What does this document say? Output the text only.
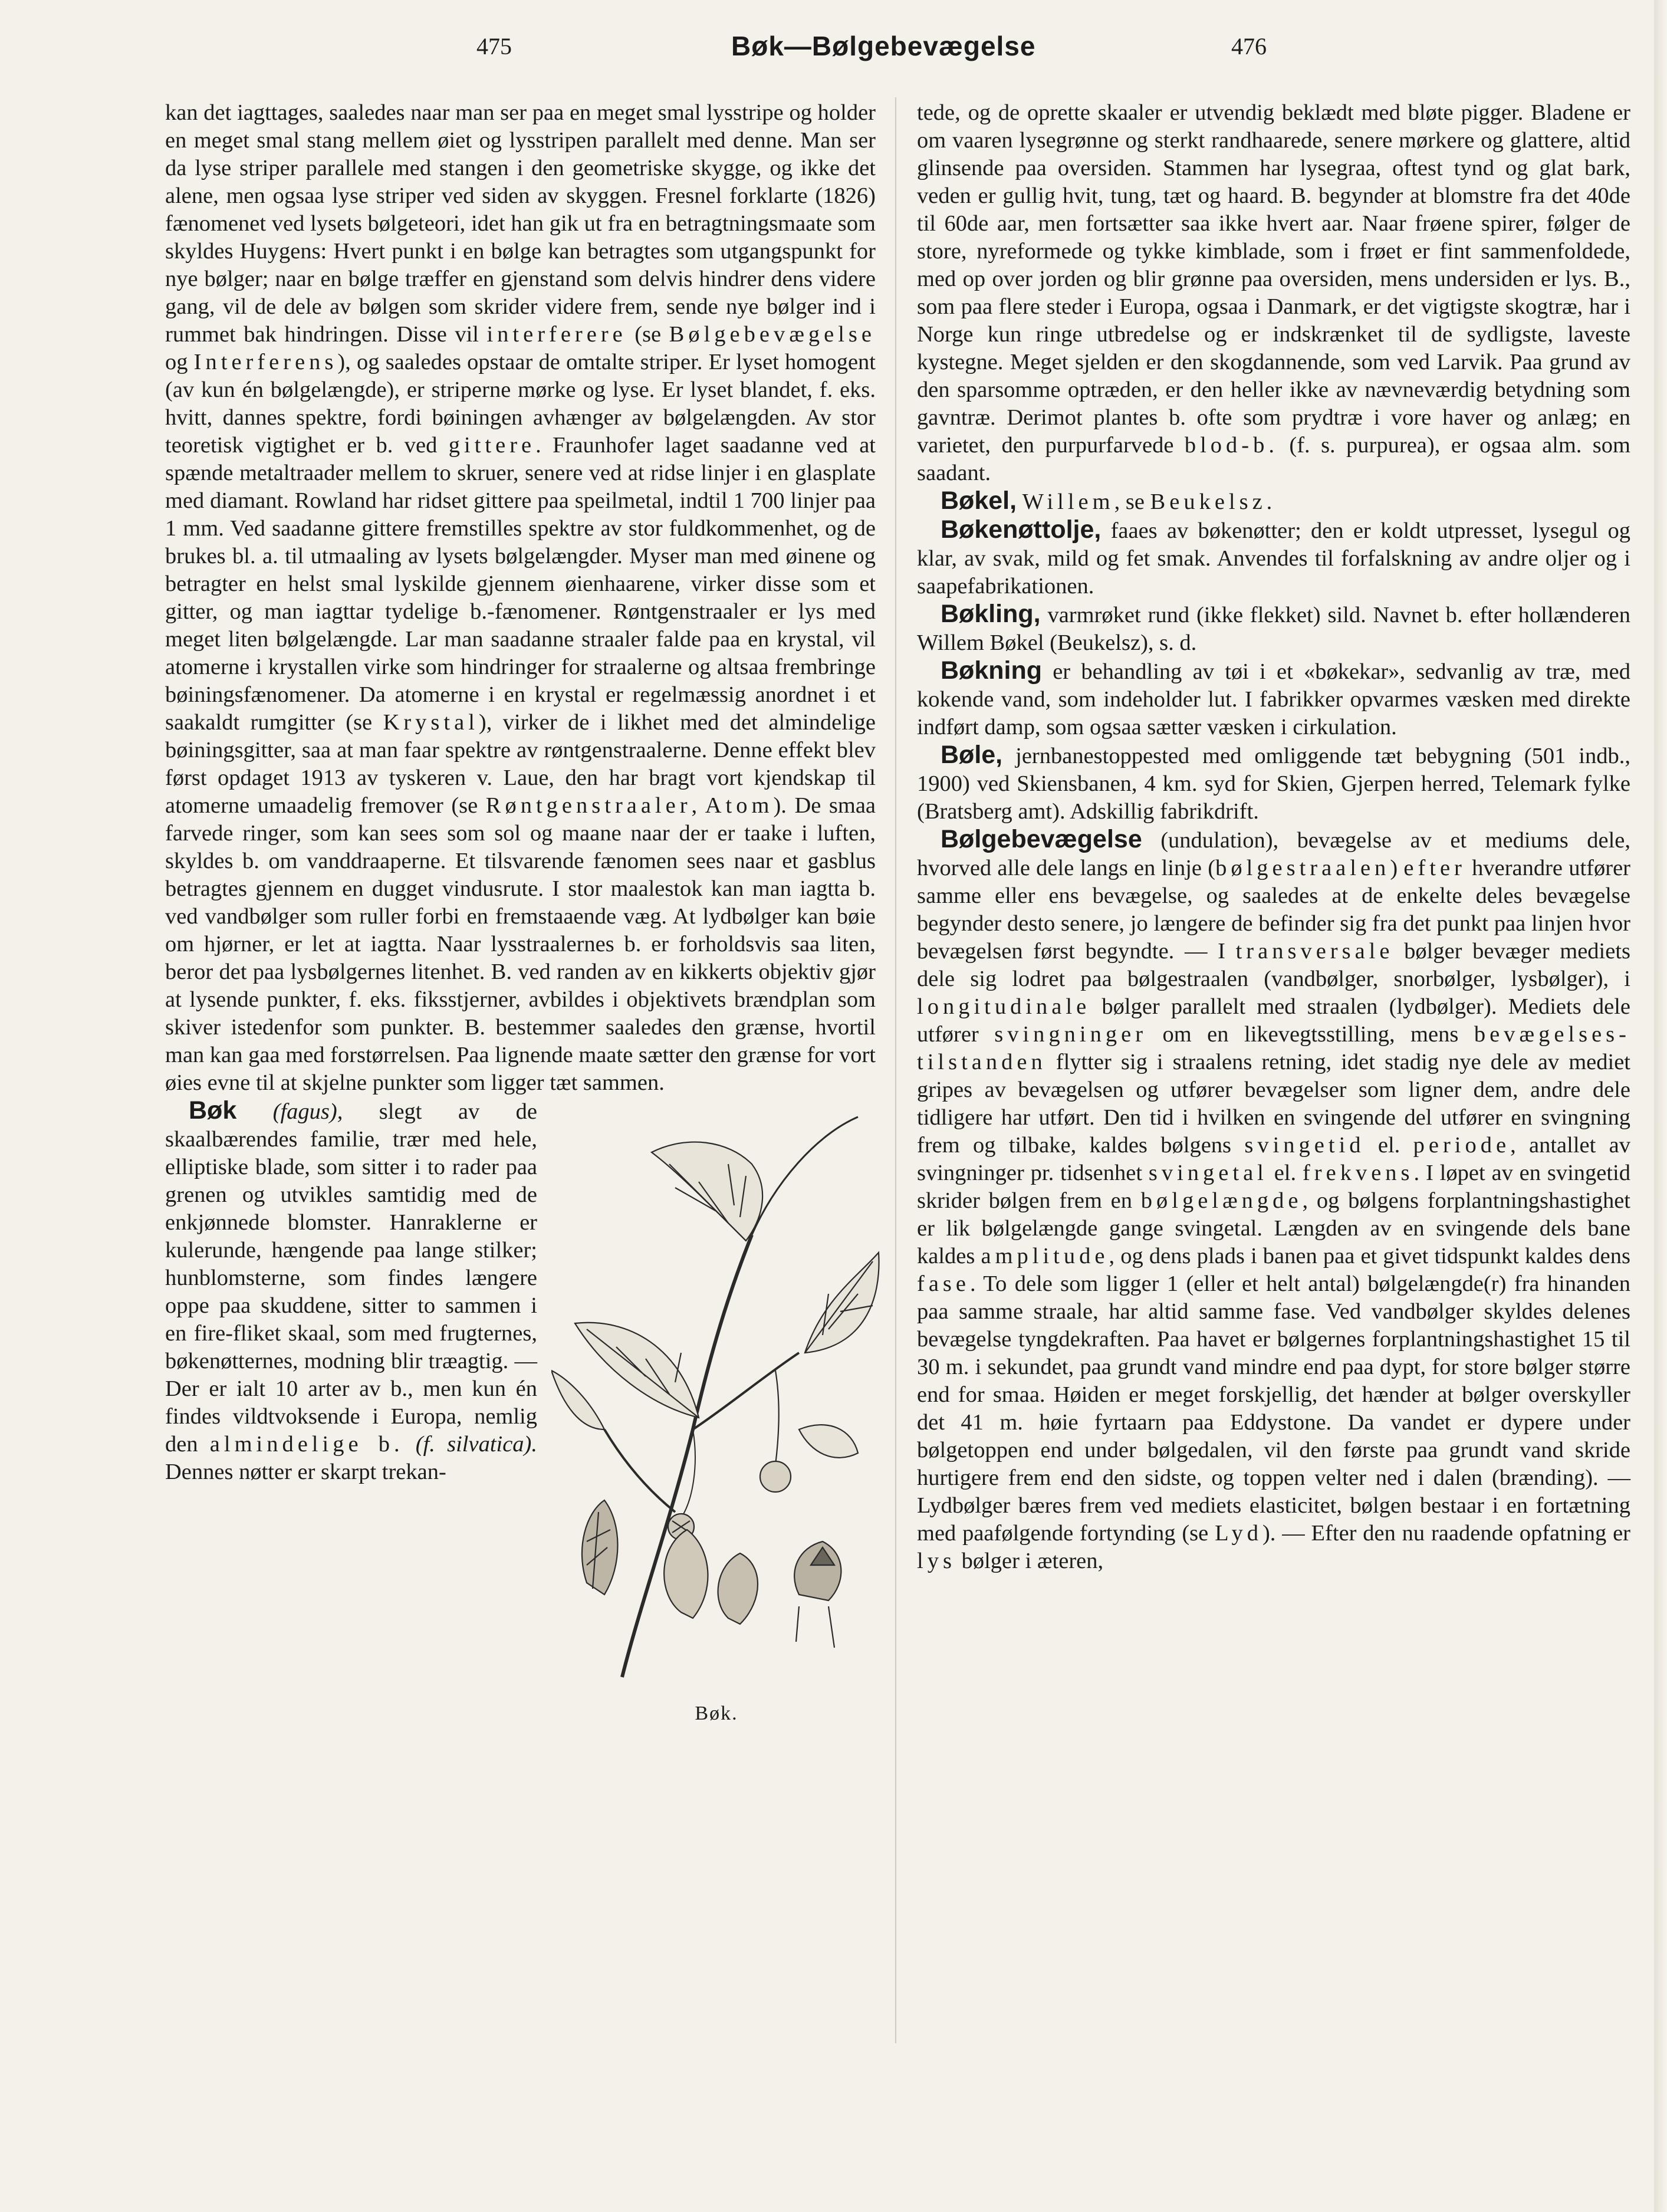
475	Bøk—Bølgebevægelse	476

kan det iagttages, saaledes naar man ser paa en meget smal lysstripe og holder en meget smal stang mellem øiet og lysstripen parallelt med denne. Man ser da lyse striper parallele med stangen i den geometriske skygge, og ikke det alene, men ogsaa lyse striper ved siden av skyggen. Fresnel forklarte (1826) fænomenet ved lysets bølgeteori, idet han gik ut fra en betragtningsmaate som skyldes Huygens: Hvert punkt i en bølge kan betragtes som utgangspunkt for nye bølger; naar en bølge træffer en gjenstand som delvis hindrer dens videre gang, vil de dele av bølgen som skrider videre frem, sende nye bølger ind i rummet bak hindringen. Disse vil interferere (se Bølgebevægelse og Interferens), og saaledes opstaar de omtalte striper. Er lyset homogent (av kun én bølgelængde), er striperne mørke og lyse. Er lyset blandet, f. eks. hvitt, dannes spektre, fordi bøiningen avhænger av bølgelængden. Av stor teoretisk vigtighet er b. ved gittere. Fraunhofer laget saadanne ved at spænde metaltraader mellem to skruer, senere ved at ridse linjer i en glasplate med diamant. Rowland har ridset gittere paa speilmetal, indtil 1 700 linjer paa 1 mm. Ved saadanne gittere fremstilles spektre av stor fuldkommenhet, og de brukes bl. a. til utmaaling av lysets bølgelængder. Myser man med øinene og betragter en helst smal lyskilde gjennem øienhaarene, virker disse som et gitter, og man iagttar tydelige b.-fænomener. Røntgenstraaler er lys med meget liten bølgelængde. Lar man saadanne straaler falde paa en krystal, vil atomerne i krystallen virke som hindringer for straalerne og altsaa frembringe bøiningsfænomener. Da atomerne i en krystal er regelmæssig anordnet i et saakaldt rumgitter (se Krystal), virker de i likhet med det almindelige bøiningsgitter, saa at man faar spektre av røntgenstraalerne. Denne effekt blev først opdaget 1913 av tyskeren v. Laue, den har bragt vort kjendskap til atomerne umaadelig fremover (se Røntgenstraaler, Atom). De smaa farvede ringer, som kan sees som sol og maane naar der er taake i luften, skyldes b. om vanddraaperne. Et tilsvarende fænomen sees naar et gasblus betragtes gjennem en dugget vindusrute. I stor maalestok kan man iagtta b. ved vandbølger som ruller forbi en fremstaaende væg. At lydbølger kan bøie om hjørner, er let at iagtta. Naar lysstraalernes b. er forholdsvis saa liten, beror det paa lysbølgernes litenhet. B. ved randen av en kikkerts objektiv gjør at lysende punkter, f. eks. fiksstjerner, avbildes i objektivets brændplan som skiver istedenfor som punkter. B. bestemmer saaledes den grænse, hvortil man kan gaa med forstørrelsen. Paa lignende maate sætter den grænse for vort øies evne til at skjelne punkter som ligger tæt sammen.

Bøk.

Bøk (fagus), slegt av de skaalbærendes familie, trær med hele, elliptiske blade, som sitter i to rader paa grenen og utvikles samtidig med de enkjønnede blomster. Hanraklerne er kulerunde, hængende paa lange stilker; hunblomsterne, som findes længere oppe paa skuddene, sitter to sammen i en fire-fliket skaal, som med frugternes, bøkenøtternes, modning blir træagtig. — Der er ialt 10 arter av b., men kun én findes vildtvoksende i Europa, nemlig den almindelige b. (f. silvatica). Dennes nøtter er skarpt trekan-

tede, og de oprette skaaler er utvendig beklædt med bløte pigger. Bladene er om vaaren lysegrønne og sterkt randhaarede, senere mørkere og glattere, altid glinsende paa oversiden. Stammen har lysegraa, oftest tynd og glat bark, veden er gullig hvit, tung, tæt og haard. B. begynder at blomstre fra det 40de til 60de aar, men fortsætter saa ikke hvert aar. Naar frøene spirer, følger de store, nyreformede og tykke kimblade, som i frøet er fint sammenfoldede, med op over jorden og blir grønne paa oversiden, mens undersiden er lys. B., som paa flere steder i Europa, ogsaa i Danmark, er det vigtigste skogtræ, har i Norge kun ringe utbredelse og er indskrænket til de sydligste, laveste kystegne. Meget sjelden er den skogdannende, som ved Larvik. Paa grund av den sparsomme optræden, er den heller ikke av nævneværdig betydning som gavntræ. Derimot plantes b. ofte som prydtræ i vore haver og anlæg; en varietet, den purpurfarvede blod-b. (f. s. purpurea), er ogsaa alm. som saadant.

Bøkel, Willem, se Beukelsz.

Bøkenøttolje, faaes av bøkenøtter; den er koldt utpresset, lysegul og klar, av svak, mild og fet smak. Anvendes til forfalskning av andre oljer og i saapefabrikationen.

Bøkling, varmrøket rund (ikke flekket) sild. Navnet b. efter hollænderen Willem Bøkel (Beukelsz), s. d.

Bøkning er behandling av tøi i et «bøkekar», sedvanlig av træ, med kokende vand, som indeholder lut. I fabrikker opvarmes væsken med direkte indført damp, som ogsaa sætter væsken i cirkulation.

Bøle, jernbanestoppested med omliggende tæt bebygning (501 indb., 1900) ved Skiensbanen, 4 km. syd for Skien, Gjerpen herred, Telemark fylke (Bratsberg amt). Adskillig fabrikdrift.

Bølgebevægelse (undulation), bevægelse av et mediums dele, hvorved alle dele langs en linje (bølgestraalen) efter hverandre utfører samme eller ens bevægelse, og saaledes at de enkelte deles bevægelse begynder desto senere, jo længere de befinder sig fra det punkt paa linjen hvor bevægelsen først begyndte. — I transversale bølger bevæger mediets dele sig lodret paa bølgestraalen (vandbølger, snorbølger, lysbølger), i longitudinale bølger parallelt med straalen (lydbølger). Mediets dele utfører svingninger om en likevegtsstilling, mens bevægelses-tilstanden flytter sig i straalens retning, idet stadig nye dele av mediet gripes av bevægelsen og utfører bevægelser som ligner dem, andre dele tidligere har utført. Den tid i hvilken en svingende del utfører en svingning frem og tilbake, kaldes bølgens svingetid el. periode, antallet av svingninger pr. tidsenhet svingetal el. frekvens. I løpet av en svingetid skrider bølgen frem en bølgelængde, og bølgens forplantningshastighet er lik bølgelængde gange svingetal. Længden av en svingende dels bane kaldes amplitude, og dens plads i banen paa et givet tidspunkt kaldes dens fase. To dele som ligger 1 (eller et helt antal) bølgelængde(r) fra hinanden paa samme straale, har altid samme fase. Ved vandbølger skyldes delenes bevægelse tyngdekraften. Paa havet er bølgernes forplantningshastighet 15 til 30 m. i sekundet, paa grundt vand mindre end paa dypt, for store bølger større end for smaa. Høiden er meget forskjellig, det hænder at bølger overskyller det 41 m. høie fyrtaarn paa Eddystone. Da vandet er dypere under bølgetoppen end under bølgedalen, vil den første paa grundt vand skride hurtigere frem end den sidste, og toppen velter ned i dalen (brænding). — Lydbølger bæres frem ved mediets elasticitet, bølgen bestaar i en fortætning med paafølgende fortynding (se Lyd). — Efter den nu raadende opfatning er lys bølger i æteren,
